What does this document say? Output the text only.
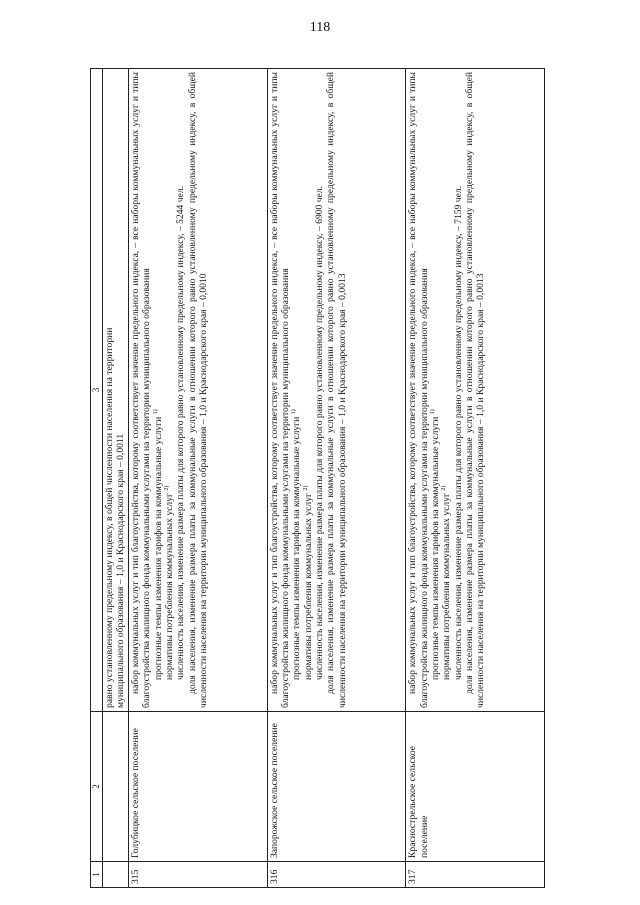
118
1	2	3

		равно установленному предельному индексу, в общей численности населения на территории муниципального образования – 1,0 и Краснодарского края – 0,0011

315	Голубицкое сельское поселение	набор коммунальных услуг и тип благоустройства, которому соответствует значение предельного индекса, – все наборы коммунальных услуг и типы благоустройства жилищного фонда коммунальными услугами на территории муниципального образования прогнозные темпы изменения тарифов на коммунальные услуги $^{1)}$

нормативы потребления коммунальных услуг $^{2)}$ численность населения, изменение размера платы для которого равно установленному предельному индексу, – 5244 чел. доля населения, изменение размера платы за коммунальные услуги в отношении которого равно установленному предельному индексу, в общей численности населения на территории муниципального образования – 1,0 и Краснодарского края – 0,0010

316	Запорожское сельское поселение	набор коммунальных услуг и тип благоустройства, которому соответствует значение предельного индекса, – все наборы коммунальных услуг и типы благоустройства жилищного фонда коммунальными услугами на территории муниципального образования прогнозные темпы изменения тарифов на коммунальные услуги $^{1)}$

нормативы потребления коммунальных услуг $^{2)}$ численность населения, изменение размера платы для которого равно установленному предельному индексу, – 6900 чел. доля населения, изменение размера платы за коммунальные услуги в отношении которого равно установленному предельному индексу, в общей численности населения на территории муниципального образования – 1,0 и Краснодарского края – 0,0013

317	Краснострельское сельское поселение	набор коммунальных услуг и тип благоустройства, которому соответствует значение предельного индекса, – все наборы коммунальных услуг и типы благоустройства жилищного фонда коммунальными услугами на территории муниципального образования прогнозные темпы изменения тарифов на коммунальные услуги $^{1)}$

нормативы потребления коммунальных услуг $^{2)}$ численность населения, изменение размера платы для которого равно установленному предельному индексу, – 7159 чел. доля населения, изменение размера платы за коммунальные услуги в отношении которого равно установленному предельному индексу, в общей численности населения на территории муниципального образования – 1,0 и Краснодарского края – 0,0013
